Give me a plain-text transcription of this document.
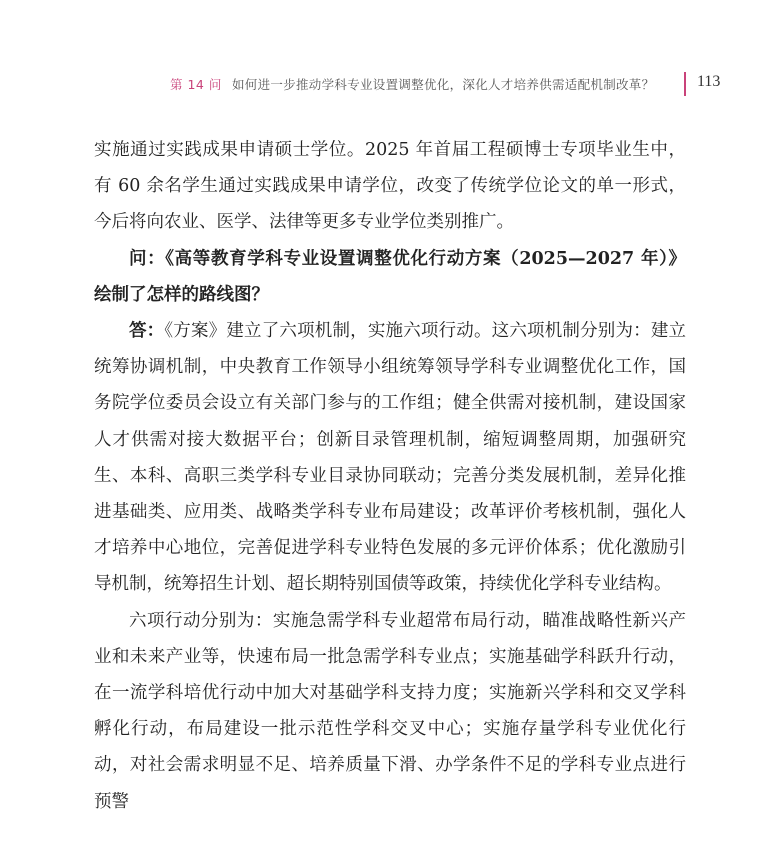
第 14 问 如何进一步推动学科专业设置调整优化，深化人才培养供需适配机制改革？	113

实施通过实践成果申请硕士学位。2025 年首届工程硕博士专项毕业生中，有 60 余名学生通过实践成果申请学位，改变了传统学位论文的单一形式，今后将向农业、医学、法律等更多专业学位类别推广。

问：《高等教育学科专业设置调整优化行动方案（2025—2027 年）》绘制了怎样的路线图？

答：《方案》建立了六项机制，实施六项行动。这六项机制分别为：建立统筹协调机制，中央教育工作领导小组统筹领导学科专业调整优化工作，国务院学位委员会设立有关部门参与的工作组；健全供需对接机制，建设国家人才供需对接大数据平台；创新目录管理机制，缩短调整周期，加强研究生、本科、高职三类学科专业目录协同联动；完善分类发展机制，差异化推进基础类、应用类、战略类学科专业布局建设；改革评价考核机制，强化人才培养中心地位，完善促进学科专业特色发展的多元评价体系；优化激励引导机制，统筹招生计划、超长期特别国债等政策，持续优化学科专业结构。

六项行动分别为：实施急需学科专业超常布局行动，瞄准战略性新兴产业和未来产业等，快速布局一批急需学科专业点；实施基础学科跃升行动，在一流学科培优行动中加大对基础学科支持力度；实施新兴学科和交叉学科孵化行动，布局建设一批示范性学科交叉中心；实施存量学科专业优化行动，对社会需求明显不足、培养质量下滑、办学条件不足的学科专业点进行预警
